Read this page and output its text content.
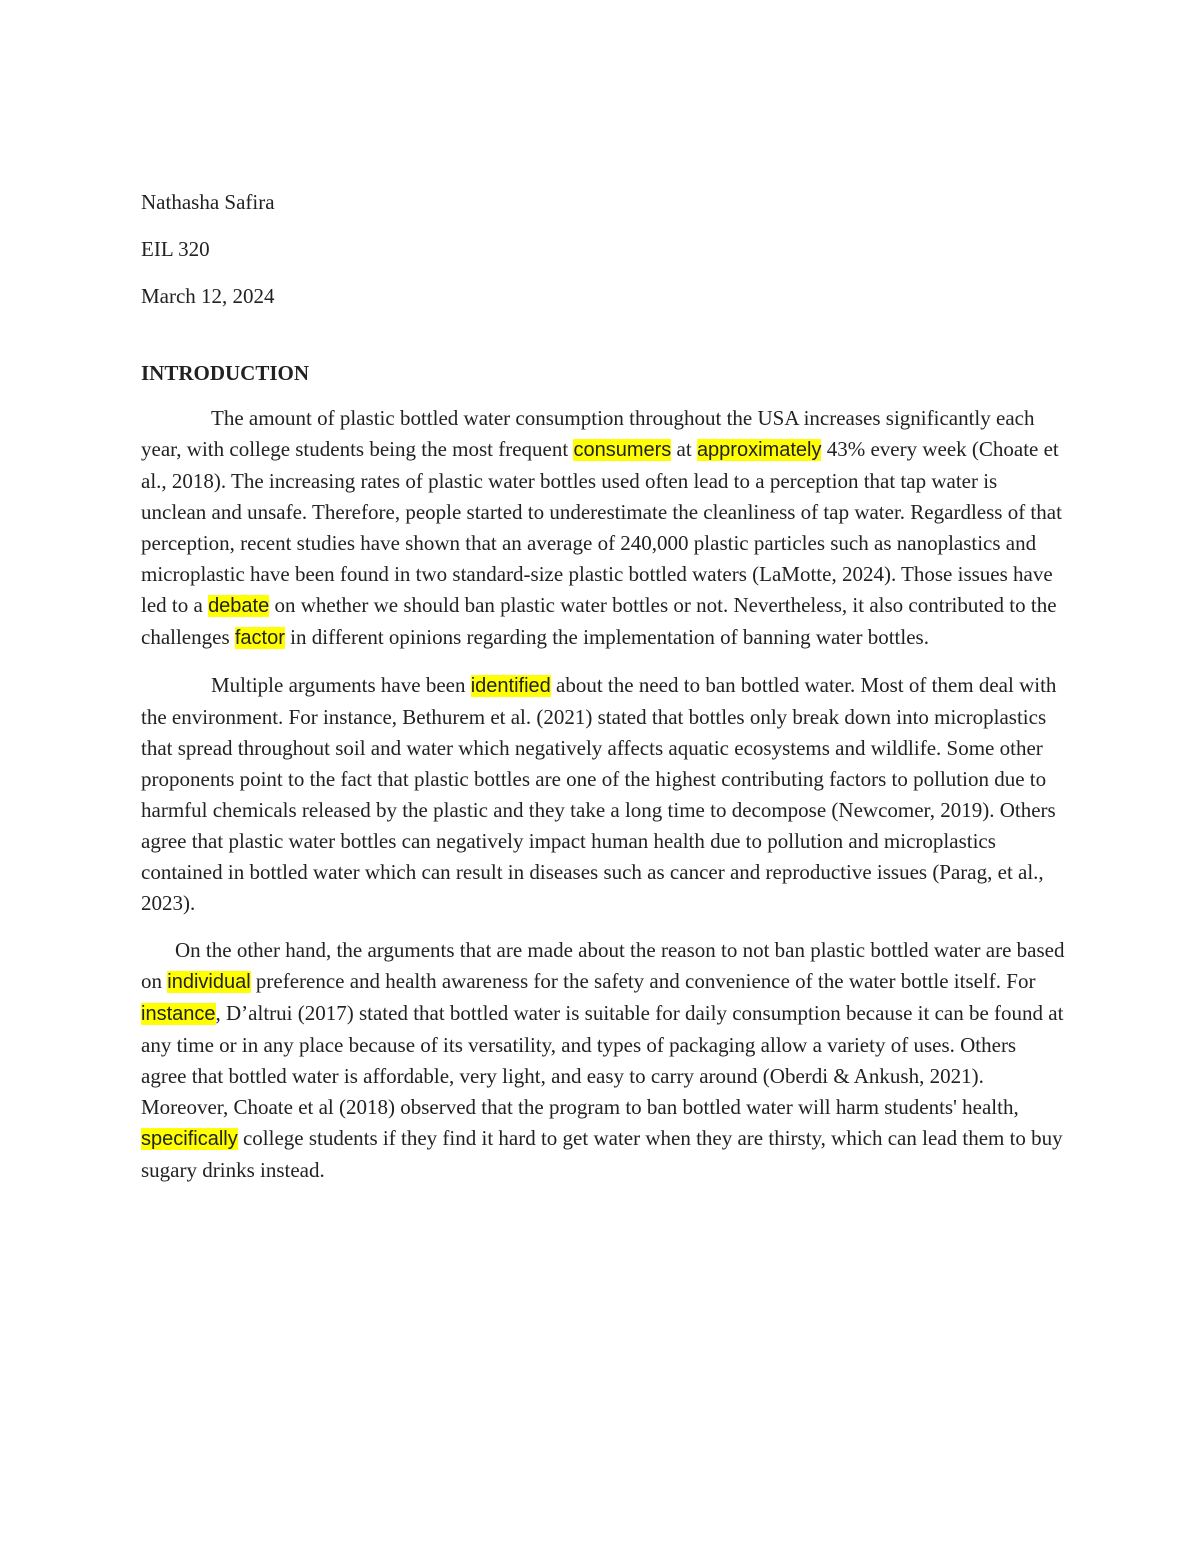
Nathasha Safira
EIL 320
March 12, 2024
INTRODUCTION

The amount of plastic bottled water consumption throughout the USA increases significantly each year, with college students being the most frequent consumers at approximately 43% every week (Choate et al., 2018). The increasing rates of plastic water bottles used often lead to a perception that tap water is unclean and unsafe. Therefore, people started to underestimate the cleanliness of tap water. Regardless of that perception, recent studies have shown that an average of 240,000 plastic particles such as nanoplastics and microplastic have been found in two standard-size plastic bottled waters (LaMotte, 2024). Those issues have led to a debate on whether we should ban plastic water bottles or not. Nevertheless, it also contributed to the challenges factor in different opinions regarding the implementation of banning water bottles.

Multiple arguments have been identified about the need to ban bottled water. Most of them deal with the environment. For instance, Bethurem et al. (2021) stated that bottles only break down into microplastics that spread throughout soil and water which negatively affects aquatic ecosystems and wildlife. Some other proponents point to the fact that plastic bottles are one of the highest contributing factors to pollution due to harmful chemicals released by the plastic and they take a long time to decompose (Newcomer, 2019). Others agree that plastic water bottles can negatively impact human health due to pollution and microplastics contained in bottled water which can result in diseases such as cancer and reproductive issues (Parag, et al., 2023).

On the other hand, the arguments that are made about the reason to not ban plastic bottled water are based on individual preference and health awareness for the safety and convenience of the water bottle itself. For instance, D’altrui (2017) stated that bottled water is suitable for daily consumption because it can be found at any time or in any place because of its versatility, and types of packaging allow a variety of uses. Others agree that bottled water is affordable, very light, and easy to carry around (Oberdi & Ankush, 2021). Moreover, Choate et al (2018) observed that the program to ban bottled water will harm students' health, specifically college students if they find it hard to get water when they are thirsty, which can lead them to buy sugary drinks instead.
